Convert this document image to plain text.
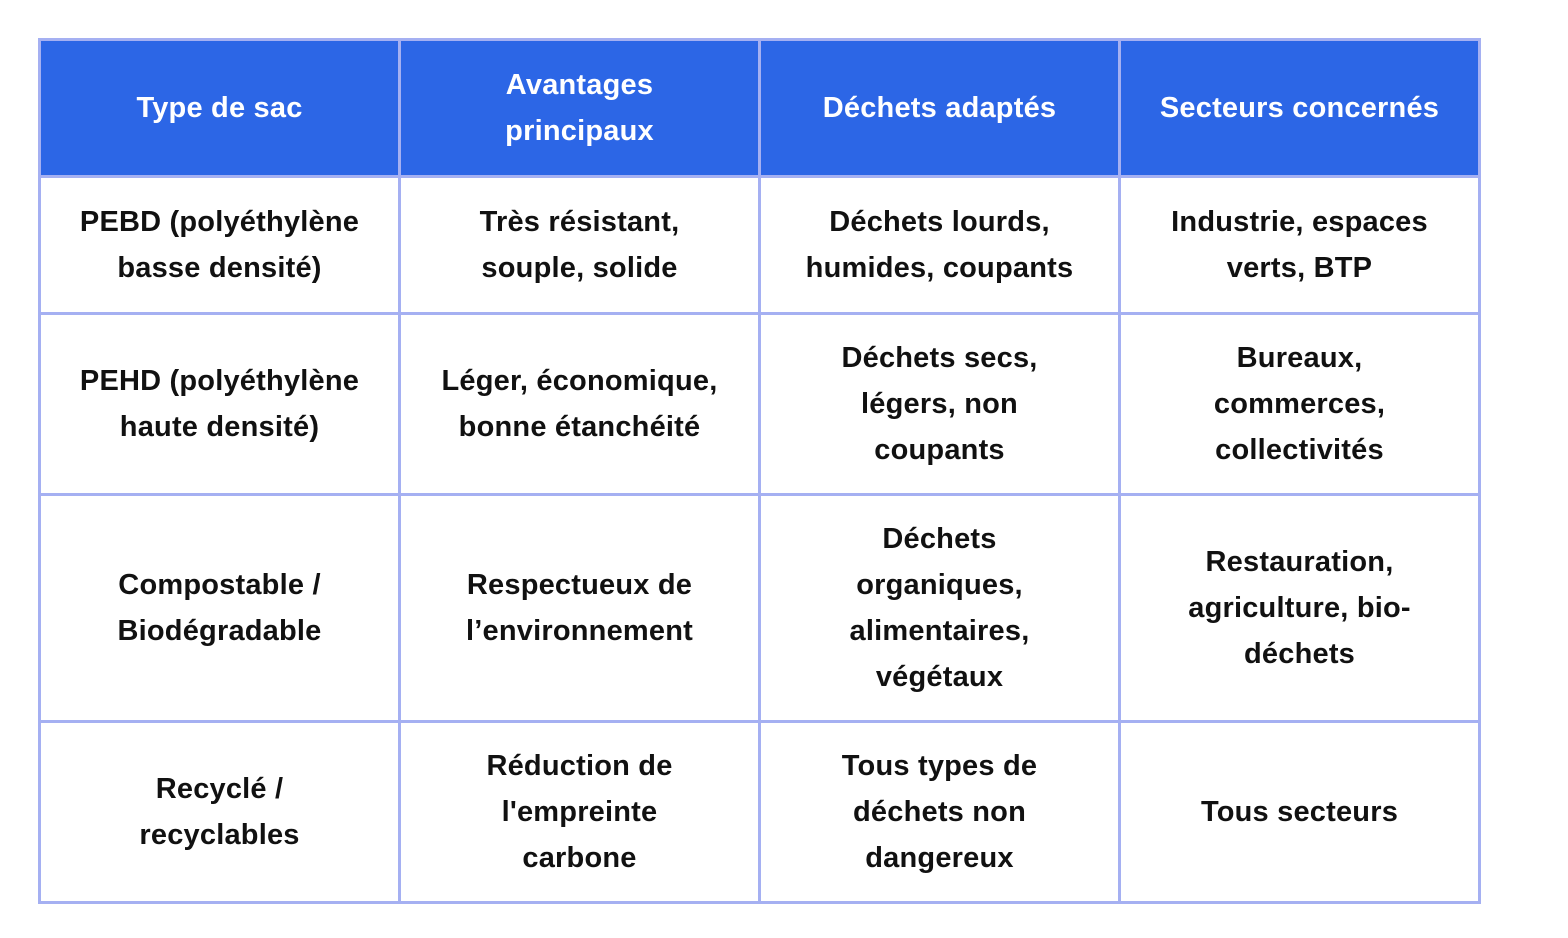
Type de sac	Avantages principaux	Déchets adaptés	Secteurs concernés
PEBD (polyéthylène basse densité)	Très résistant, souple, solide	Déchets lourds, humides, coupants	Industrie, espaces verts, BTP
PEHD (polyéthylène haute densité)	Léger, économique, bonne étanchéité	Déchets secs, légers, non coupants	Bureaux, commerces, collectivités
Compostable / Biodégradable	Respectueux de l’environnement	Déchets organiques, alimentaires, végétaux	Restauration, agriculture, bio-déchets
Recyclé / recyclables	Réduction de l'empreinte carbone	Tous types de déchets non dangereux	Tous secteurs
